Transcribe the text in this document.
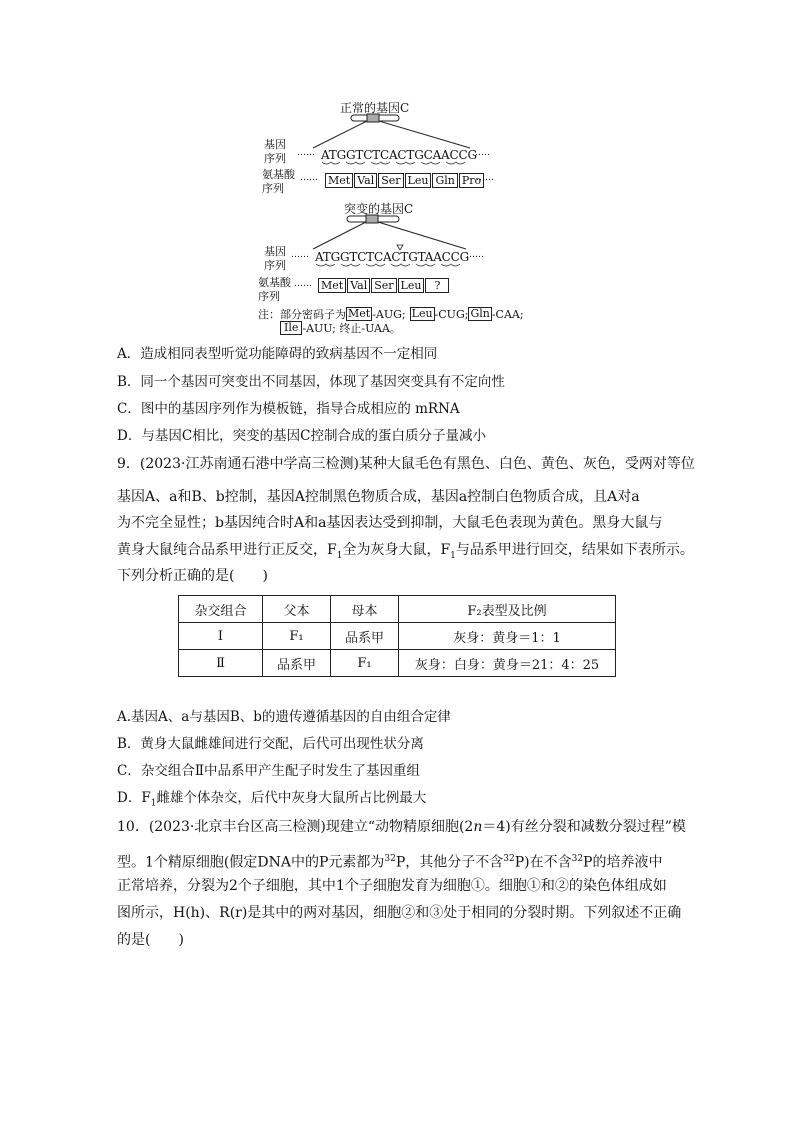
正常的基因C
基因
序列 …… ATGGTCTCACTGCAACCG
……
氨基酸
序列
…… Met Val Ser Leu Gln Pro
……
突变的基因C
基因
序列
…… ATGGTCTCACTGTAACCG
……
氨基酸
序列
…… Met Val Ser Leu	?
注：部分密码子为 Met -AUG; Leu -CUG; Gln -CAA;
Ile -AUU; 终止-UAA。
A．造成相同表型听觉功能障碍的致病基因不一定相同
B．同一个基因可突变出不同基因，体现了基因突变具有不定向性
C．图中的基因序列作为模板链，指导合成相应的 mRNA
D．与基因C相比，突变的基因C控制合成的蛋白质分子量减小
9．(2023·江苏南通石港中学高三检测)某种大鼠毛色有黑色、白色、黄色、灰色，受两对等位
基因A、a和B、b控制，基因A控制黑色物质合成，基因a控制白色物质合成，且A对a
为不完全显性；b基因纯合时A和a基因表达受到抑制，大鼠毛色表现为黄色。黑身大鼠与
黄身大鼠纯合品系甲进行正反交，$F_1$全为灰身大鼠，$F_1$与品系甲进行回交，结果如下表所示。
下列分析正确的是(　　)
杂交组合	父本	母本	F₂表型及比例
Ⅰ	F₁	品系甲	灰身：黄身＝1：1
Ⅱ	品系甲	F₁	灰身：白身：黄身＝21：4：25
A.基因A、a与基因B、b的遗传遵循基因的自由组合定律
B．黄身大鼠雌雄间进行交配，后代可出现性状分离
C．杂交组合Ⅱ中品系甲产生配子时发生了基因重组
D．$F_1$雌雄个体杂交，后代中灰身大鼠所占比例最大
10．(2023·北京丰台区高三检测)现建立“动物精原细胞(2n＝4)有丝分裂和减数分裂过程”模
型。1个精原细胞(假定DNA中的P元素都为$^{32}$P，其他分子不含$^{32}$P)在不含$^{32}$P的培养液中
正常培养，分裂为2个子细胞，其中1个子细胞发育为细胞①。细胞①和②的染色体组成如
图所示，H(h)、R(r)是其中的两对基因，细胞②和③处于相同的分裂时期。下列叙述不正确
的是(　　)
